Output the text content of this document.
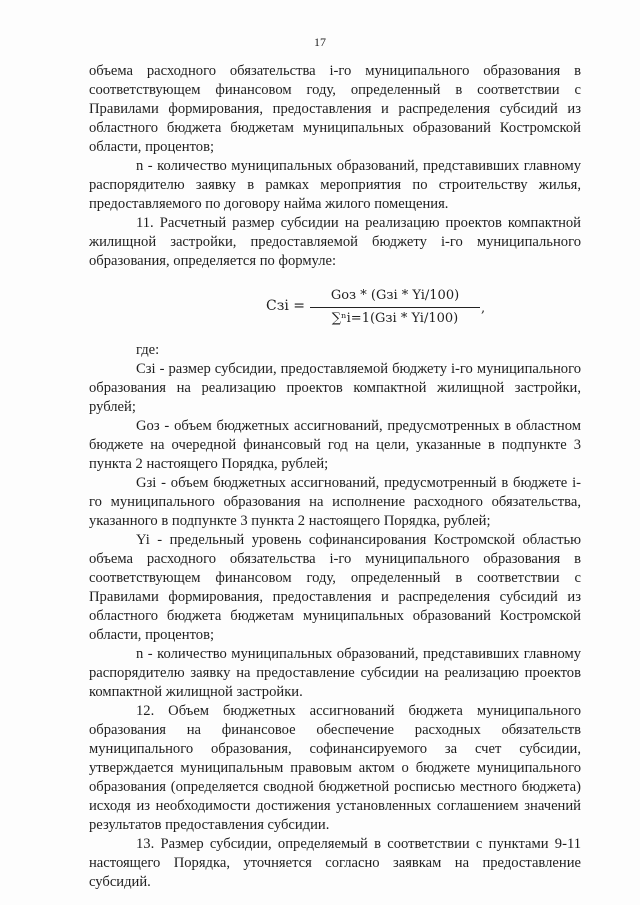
17

объема расходного обязательства i-го муниципального образования в соответствующем финансовом году, определенный в соответствии с Правилами формирования, предоставления и распределения субсидий из областного бюджета бюджетам муниципальных образований Костромской области, процентов;

n - количество муниципальных образований, представивших главному распорядителю заявку в рамках мероприятия по строительству жилья, предоставляемого по договору найма жилого помещения.

11. Расчетный размер субсидии на реализацию проектов компактной жилищной застройки, предоставляемой бюджету i-го муниципального образования, определяется по формуле:

Сзi =
Gоз * (Gзi * Yi/100)
∑ⁿi=1(Gзi * Yi/100)
,

где:

Сзi - размер субсидии, предоставляемой бюджету i-го муниципального образования на реализацию проектов компактной жилищной застройки, рублей;

Gоз - объем бюджетных ассигнований, предусмотренных в областном бюджете на очередной финансовый год на цели, указанные в подпункте 3 пункта 2 настоящего Порядка, рублей;

Gзi - объем бюджетных ассигнований, предусмотренный в бюджете i-го муниципального образования на исполнение расходного обязательства, указанного в подпункте 3 пункта 2 настоящего Порядка, рублей;

Yi - предельный уровень софинансирования Костромской областью объема расходного обязательства i-го муниципального образования в соответствующем финансовом году, определенный в соответствии с Правилами формирования, предоставления и распределения субсидий из областного бюджета бюджетам муниципальных образований Костромской области, процентов;

n - количество муниципальных образований, представивших главному распорядителю заявку на предоставление субсидии на реализацию проектов компактной жилищной застройки.

12. Объем бюджетных ассигнований бюджета муниципального образования на финансовое обеспечение расходных обязательств муниципального образования, софинансируемого за счет субсидии, утверждается муниципальным правовым актом о бюджете муниципального образования (определяется сводной бюджетной росписью местного бюджета) исходя из необходимости достижения установленных соглашением значений результатов предоставления субсидии.

13. Размер субсидии, определяемый в соответствии с пунктами 9-11 настоящего Порядка, уточняется согласно заявкам на предоставление субсидий.
